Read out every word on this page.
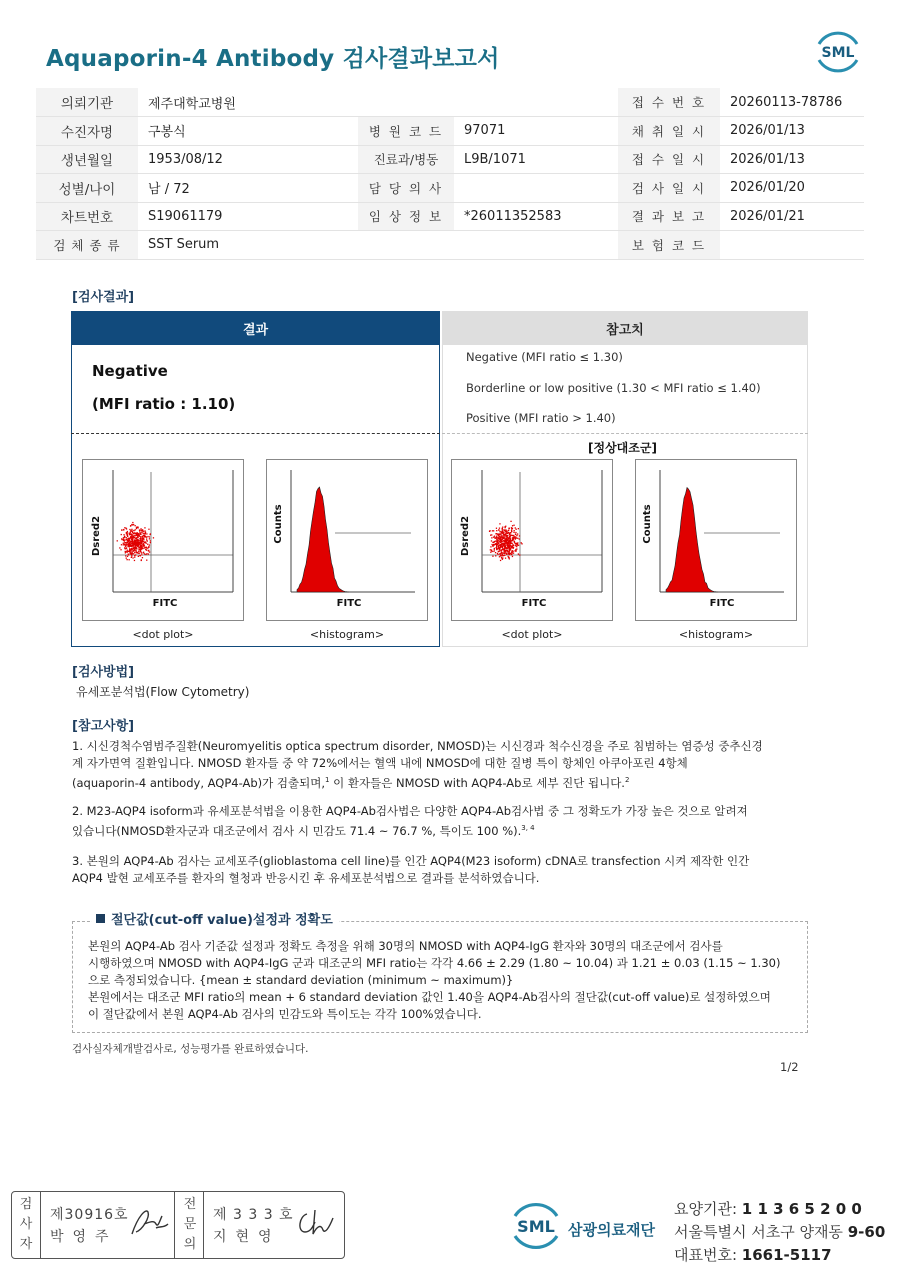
Aquaporin-4 Antibody 검사결과보고서	SML
의뢰기관	제주대학교병원			접 수 번 호	20260113-78786
수진자명	구봉식	병 원 코 드	97071	채 취 일 시	2026/01/13
생년월일	1953/08/12	진료과/병동	L9B/1071	접 수 일 시	2026/01/13
성별/나이	남 / 72	담 당 의 사		검 사 일 시	2026/01/20
차트번호	S19061179	임 상 정 보	*26011352583	결 과 보 고	2026/01/21
검 체 종 류	SST Serum			보 험 코 드	
[검사결과]
결과	참고치
Negative
(MFI ratio : 1.10)
Negative (MFI ratio ≤ 1.30)
Borderline or low positive (1.30 < MFI ratio ≤ 1.40)
Positive (MFI ratio > 1.40)
[정상대조군]
Dsred2
FITC
Counts
FITC
<dot plot>	<histogram>
Dsred2
FITC
Counts
FITC
<dot plot>	<histogram>
[검사방법]
유세포분석법(Flow Cytometry)
[참고사항]
1. 시신경척수염범주질환(Neuromyelitis optica spectrum disorder, NMOSD)는 시신경과 척수신경을 주로 침범하는 염증성 중추신경
계 자가면역 질환입니다. NMOSD 환자들 중 약 72%에서는 혈액 내에 NMOSD에 대한 질병 특이 항체인 아쿠아포린 4항체
(aquaporin-4 antibody, AQP4-Ab)가 검출되며,$^1$ 이 환자들은 NMOSD with AQP4-Ab로 세부 진단 됩니다.$^2$
2. M23-AQP4 isoform과 유세포분석법을 이용한 AQP4-Ab검사법은 다양한 AQP4-Ab검사법 중 그 정확도가 가장 높은 것으로 알려져
있습니다(NMOSD환자군과 대조군에서 검사 시 민감도 71.4 ~ 76.7 %, 특이도 100 %).$^{3, 4}$
3. 본원의 AQP4-Ab 검사는 교세포주(glioblastoma cell line)를 인간 AQP4(M23 isoform) cDNA로 transfection 시켜 제작한 인간
AQP4 발현 교세포주를 환자의 혈청과 반응시킨 후 유세포분석법으로 결과를 분석하였습니다.
절단값(cut-off value)설정과 정확도
본원의 AQP4-Ab 검사 기준값 설정과 정확도 측정을 위해 30명의 NMOSD with AQP4-IgG 환자와 30명의 대조군에서 검사를
시행하였으며 NMOSD with AQP4-IgG 군과 대조군의 MFI ratio는 각각 4.66 ± 2.29 (1.80 ~ 10.04) 과 1.21 ± 0.03 (1.15 ~ 1.30)
으로 측정되었습니다. {mean ± standard deviation (minimum ~ maximum)}
본원에서는 대조군 MFI ratio의 mean + 6 standard deviation 값인 1.40을 AQP4-Ab검사의 절단값(cut-off value)로 설정하였으며
이 절단값에서 본원 AQP4-Ab 검사의 민감도와 특이도는 각각 100%였습니다.
검사실자체개발검사로, 성능평가를 완료하였습니다.
1/2
검
사
자
제30916호
박영주
전
문
의
제 3 3 3 호
지현영
SML 삼광의료재단
요양기관: 1 1 3 6 5 2 0 0
서울특별시 서초구 양재동 9-60
대표번호: 1661-5117
